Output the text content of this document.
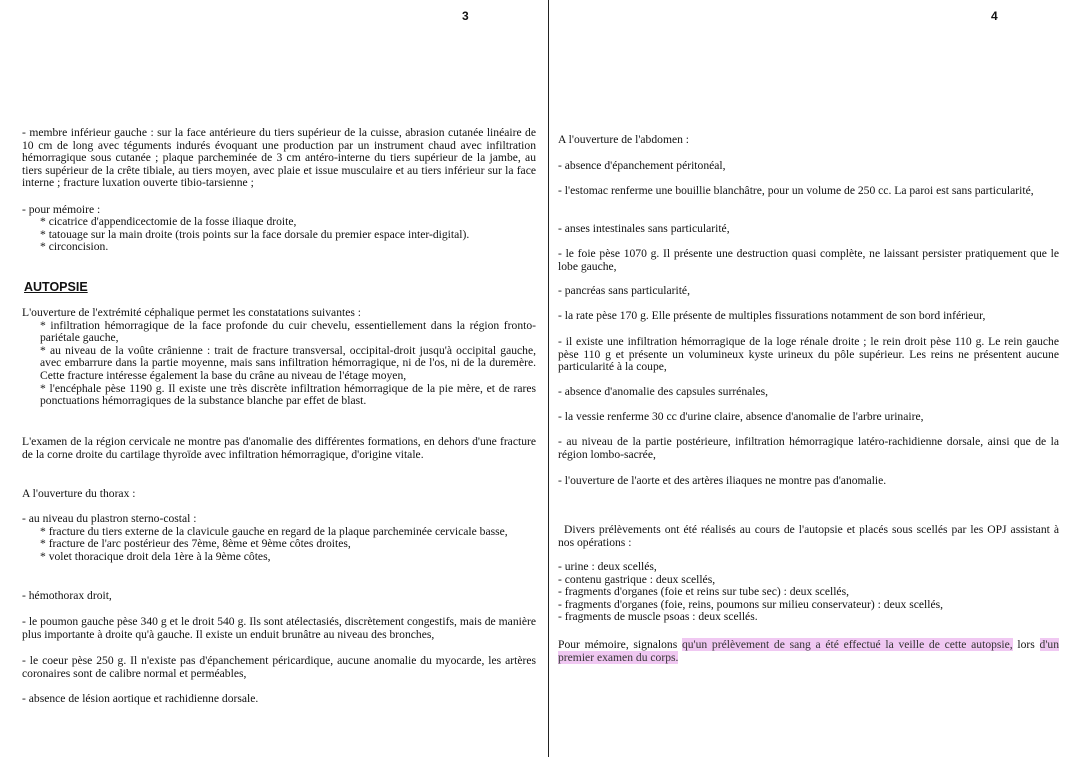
3

- membre inférieur gauche : sur la face antérieure du tiers supérieur de la cuisse, abrasion cutanée linéaire de 10 cm de long avec téguments indurés évoquant une production par un instrument chaud avec infiltration hémorragique sous cutanée ; plaque parcheminée de 3 cm antéro-interne du tiers supérieur de la jambe, au tiers supérieur de la crête tibiale, au tiers moyen, avec plaie et issue musculaire et au tiers inférieur sur la face interne ; fracture luxation ouverte tibio-tarsienne ;

- pour mémoire :

* cicatrice d'appendicectomie de la fosse iliaque droite,
* tatouage sur la main droite (trois points sur la face dorsale du premier espace inter-digital).
* circoncision.
AUTOPSIE
L'ouverture de l'extrémité céphalique permet les constatations suivantes :
* infiltration hémorragique de la face profonde du cuir chevelu, essentiellement dans la région fronto-pariétale gauche,
* au niveau de la voûte crânienne : trait de fracture transversal, occipital-droit jusqu'à occipital gauche, avec embarrure dans la partie moyenne, mais sans infiltration hémorragique, ni de l'os, ni de la duremère. Cette fracture intéresse également la base du crâne au niveau de l'étage moyen,
* l'encéphale pèse 1190 g. Il existe une très discrète infiltration hémorragique de la pie mère, et de rares ponctuations hémorragiques de la substance blanche par effet de blast.

L'examen de la région cervicale ne montre pas d'anomalie des différentes formations, en dehors d'une fracture de la corne droite du cartilage thyroïde avec infiltration hémorragique, d'origine vitale.

A l'ouverture du thorax :

- au niveau du plastron sterno-costal :
* fracture du tiers externe de la clavicule gauche en regard de la plaque parcheminée cervicale basse,
* fracture de l'arc postérieur des 7ème, 8ème et 9ème côtes droites,
* volet thoracique droit dela 1ère à la 9ème côtes,

- hémothorax droit,

- le poumon gauche pèse 340 g et le droit 540 g. Ils sont atélectasiés, discrètement congestifs, mais de manière plus importante à droite qu'à gauche. Il existe un enduit brunâtre au niveau des bronches,

- le coeur pèse 250 g. Il n'existe pas d'épanchement péricardique, aucune anomalie du myocarde, les artères coronaires sont de calibre normal et perméables,

- absence de lésion aortique et rachidienne dorsale.

4

A l'ouverture de l'abdomen :

- absence d'épanchement péritonéal,

- l'estomac renferme une bouillie blanchâtre, pour un volume de 250 cc. La paroi est sans particularité,

- anses intestinales sans particularité,

- le foie pèse 1070 g. Il présente une destruction quasi complète, ne laissant persister pratiquement que le lobe gauche,

- pancréas sans particularité,

- la rate pèse 170 g. Elle présente de multiples fissurations notamment de son bord inférieur,

- il existe une infiltration hémorragique de la loge rénale droite ; le rein droit pèse 110 g. Le rein gauche pèse 110 g et présente un volumineux kyste urineux du pôle supérieur. Les reins ne présentent aucune particularité à la coupe,

- absence d'anomalie des capsules surrénales,

- la vessie renferme 30 cc d'urine claire, absence d'anomalie de l'arbre urinaire,

- au niveau de la partie postérieure, infiltration hémorragique latéro-rachidienne dorsale, ainsi que de la région lombo-sacrée,

- l'ouverture de l'aorte et des artères iliaques ne montre pas d'anomalie.

Divers prélèvements ont été réalisés au cours de l'autopsie et placés sous scellés par les OPJ assistant à nos opérations :

- urine : deux scellés,
- contenu gastrique : deux scellés,
- fragments d'organes (foie et reins sur tube sec) : deux scellés,
- fragments d'organes (foie, reins, poumons sur milieu conservateur) : deux scellés,
- fragments de muscle psoas : deux scellés.

Pour mémoire, signalons qu'un prélèvement de sang a été effectué la veille de cette autopsie, lors d'un premier examen du corps.
